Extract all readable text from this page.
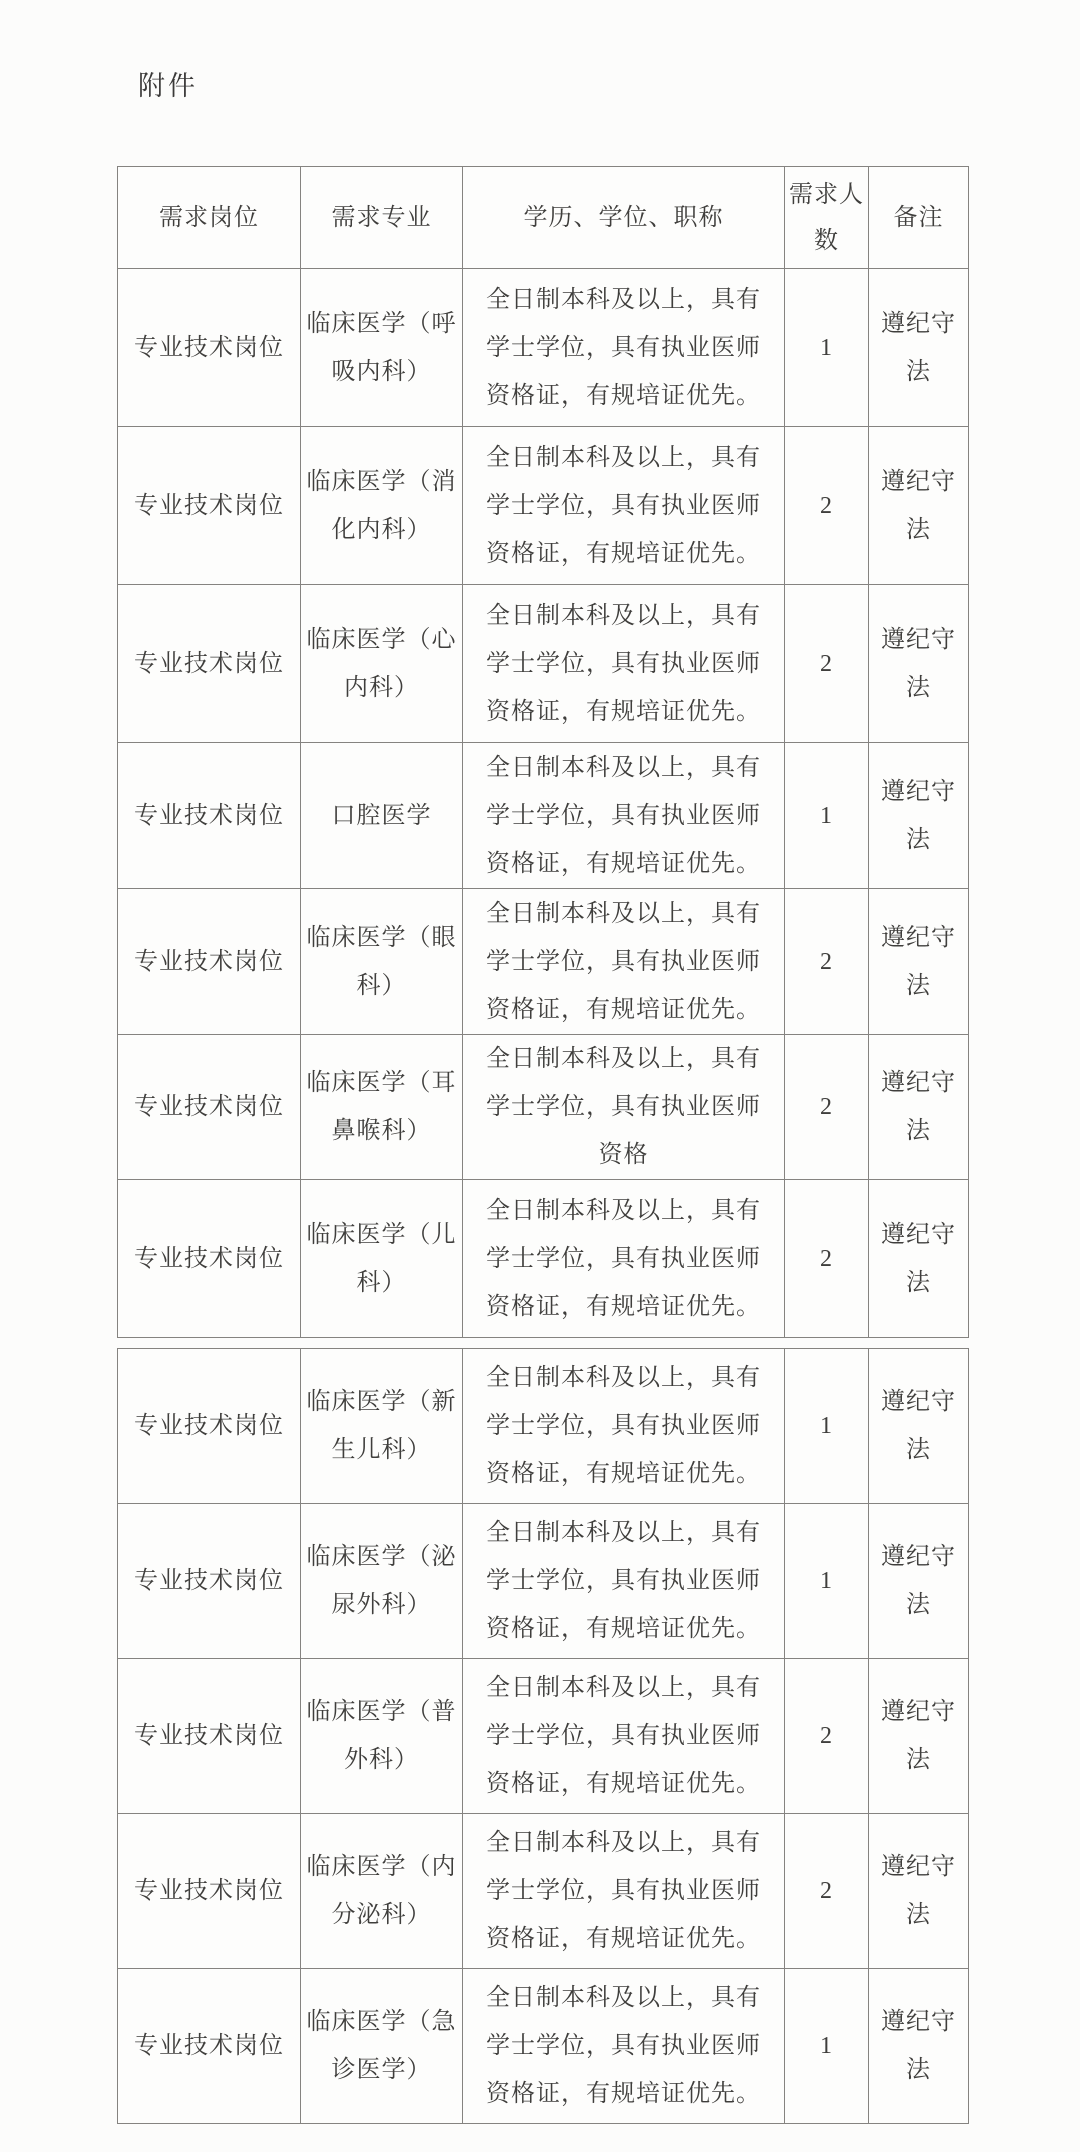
附件
需求岗位	需求专业	学历、学位、职称	需求人数	备注
专业技术岗位	临床医学（呼吸内科）	全日制本科及以上，具有学士学位，具有执业医师资格证，有规培证优先。	1	遵纪守法
专业技术岗位	临床医学（消化内科）	全日制本科及以上，具有学士学位，具有执业医师资格证，有规培证优先。	2	遵纪守法
专业技术岗位	临床医学（心内科）	全日制本科及以上，具有学士学位，具有执业医师资格证，有规培证优先。	2	遵纪守法
专业技术岗位	口腔医学	全日制本科及以上，具有学士学位，具有执业医师资格证，有规培证优先。	1	遵纪守法
专业技术岗位	临床医学（眼科）	全日制本科及以上，具有学士学位，具有执业医师资格证，有规培证优先。	2	遵纪守法
专业技术岗位	临床医学（耳鼻喉科）	全日制本科及以上，具有学士学位，具有执业医师资格	2	遵纪守法
专业技术岗位	临床医学（儿科）	全日制本科及以上，具有学士学位，具有执业医师资格证，有规培证优先。	2	遵纪守法
专业技术岗位	临床医学（新生儿科）	全日制本科及以上，具有学士学位，具有执业医师资格证，有规培证优先。	1	遵纪守法
专业技术岗位	临床医学（泌尿外科）	全日制本科及以上，具有学士学位，具有执业医师资格证，有规培证优先。	1	遵纪守法
专业技术岗位	临床医学（普外科）	全日制本科及以上，具有学士学位，具有执业医师资格证，有规培证优先。	2	遵纪守法
专业技术岗位	临床医学（内分泌科）	全日制本科及以上，具有学士学位，具有执业医师资格证，有规培证优先。	2	遵纪守法
专业技术岗位	临床医学（急诊医学）	全日制本科及以上，具有学士学位，具有执业医师资格证，有规培证优先。	1	遵纪守法
